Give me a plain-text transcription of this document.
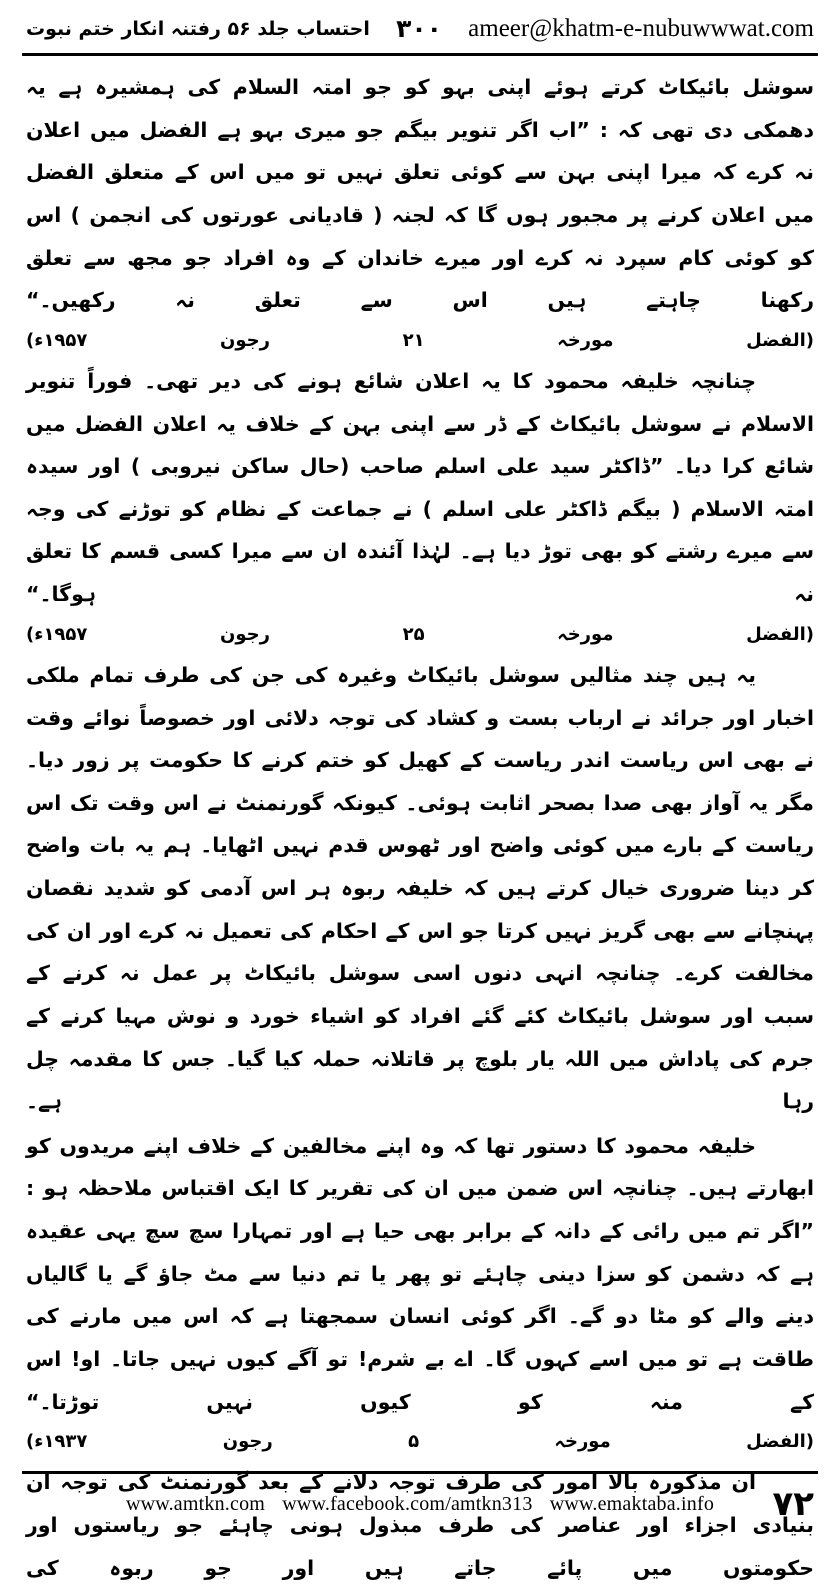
احتساب جلد ۵۶ رفتنہ انکار ختم نبوت ۳۰۰ ameer@khatm-e-nubuwwwat.com

سوشل بائیکاٹ کرتے ہوئے اپنی بہو کو جو امتہ السلام کی ہمشیرہ ہے یہ دھمکی دی تھی کہ : ”اب اگر تنویر بیگم جو میری بہو ہے الفضل میں اعلان نہ کرے کہ میرا اپنی بہن سے کوئی تعلق نہیں تو میں اس کے متعلق الفضل میں اعلان کرنے پر مجبور ہوں گا کہ لجنہ ( قادیانی عورتوں کی انجمن ) اس کو کوئی کام سپرد نہ کرے اور میرے خاندان کے وہ افراد جو مجھ سے تعلق رکھنا چاہتے ہیں اس سے تعلق نہ رکھیں۔“

(الفضل مورخہ ۲۱ رجون ۱۹۵۷ء)

چنانچہ خلیفہ محمود کا یہ اعلان شائع ہونے کی دیر تھی۔ فوراً تنویر الاسلام نے سوشل بائیکاٹ کے ڈر سے اپنی بہن کے خلاف یہ اعلان الفضل میں شائع کرا دیا۔ ”ڈاکٹر سید علی اسلم صاحب (حال ساکن نیروبی ) اور سیدہ امتہ الاسلام ( بیگم ڈاکٹر علی اسلم ) نے جماعت کے نظام کو توڑنے کی وجہ سے میرے رشتے کو بھی توڑ دیا ہے۔ لہٰذا آئندہ ان سے میرا کسی قسم کا تعلق نہ ہوگا۔“

(الفضل مورخہ ۲۵ رجون ۱۹۵۷ء)

یہ ہیں چند مثالیں سوشل بائیکاٹ وغیرہ کی جن کی طرف تمام ملکی اخبار اور جرائد نے ارباب بست و کشاد کی توجہ دلائی اور خصوصاً نوائے وقت نے بھی اس ریاست اندر ریاست کے کھیل کو ختم کرنے کا حکومت پر زور دیا۔ مگر یہ آواز بھی صدا بصحر اثابت ہوئی۔ کیونکہ گورنمنٹ نے اس وقت تک اس ریاست کے بارے میں کوئی واضح اور ٹھوس قدم نہیں اٹھایا۔ ہم یہ بات واضح کر دینا ضروری خیال کرتے ہیں کہ خلیفہ ربوہ ہر اس آدمی کو شدید نقصان پہنچانے سے بھی گریز نہیں کرتا جو اس کے احکام کی تعمیل نہ کرے اور ان کی مخالفت کرے۔ چنانچہ انہی دنوں اسی سوشل بائیکاٹ پر عمل نہ کرنے کے سبب اور سوشل بائیکاٹ کئے گئے افراد کو اشیاء خورد و نوش مہیا کرنے کے جرم کی پاداش میں اللہ یار بلوچ پر قاتلانہ حملہ کیا گیا۔ جس کا مقدمہ چل رہا ہے۔

خلیفہ محمود کا دستور تھا کہ وہ اپنے مخالفین کے خلاف اپنے مریدوں کو ابھارتے ہیں۔ چنانچہ اس ضمن میں ان کی تقریر کا ایک اقتباس ملاحظہ ہو : ”اگر تم میں رائی کے دانہ کے برابر بھی حیا ہے اور تمہارا سچ سچ یہی عقیدہ ہے کہ دشمن کو سزا دینی چاہئے تو پھر یا تم دنیا سے مٹ جاؤ گے یا گالیاں دینے والے کو مٹا دو گے۔ اگر کوئی انسان سمجھتا ہے کہ اس میں مارنے کی طاقت ہے تو میں اسے کہوں گا۔ اے بے شرم! تو آگے کیوں نہیں جاتا۔ او! اس کے منہ کو کیوں نہیں توڑتا۔“

(الفضل مورخہ ۵ رجون ۱۹۳۷ء)

ان مذکورہ بالا امور کی طرف توجہ دلانے کے بعد گورنمنٹ کی توجہ ان بنیادی اجزاء اور عناصر کی طرف مبذول ہونی چاہئے جو ریاستوں اور حکومتوں میں پائے جاتے ہیں اور جو ربوہ کی

۷۲
www.amtkn.com www.facebook.com/amtkn313 www.emaktaba.info
